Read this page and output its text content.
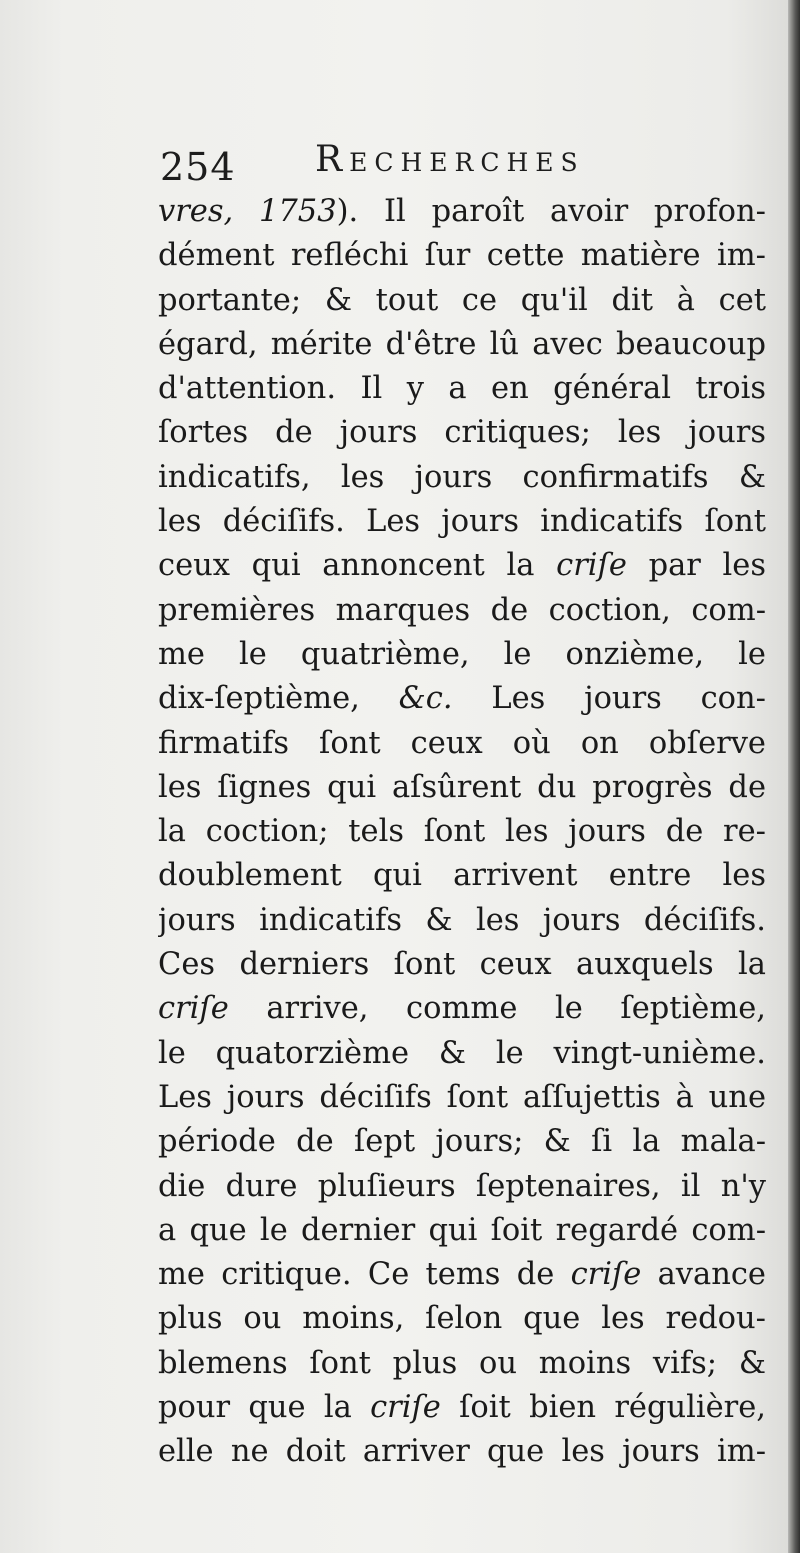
254 Recherches
vres, 1753). Il paroît avoir profon-
dément refléchi ſur cette matière im-
portante; & tout ce qu'il dit à cet
égard, mérite d'être lû avec beaucoup
d'attention. Il y a en général trois
ſortes de jours critiques; les jours
indicatifs, les jours confirmatifs &
les déciſifs. Les jours indicatifs ſont
ceux qui annoncent la criſe par les
premières marques de coction, com-
me le quatrième, le onzième, le
dix-ſeptième, &c. Les jours con-
firmatifs ſont ceux où on obſerve
les ſignes qui aſsûrent du progrès de
la coction; tels ſont les jours de re-
doublement qui arrivent entre les
jours indicatifs & les jours déciſifs.
Ces derniers ſont ceux auxquels la
criſe arrive, comme le ſeptième,
le quatorzième & le vingt-unième.
Les jours déciſifs ſont aſſujettis à une
période de ſept jours; & ſi la mala-
die dure pluſieurs ſeptenaires, il n'y
a que le dernier qui ſoit regardé com-
me critique. Ce tems de criſe avance
plus ou moins, ſelon que les redou-
blemens ſont plus ou moins vifs; &
pour que la criſe ſoit bien régulière,
elle ne doit arriver que les jours im-
